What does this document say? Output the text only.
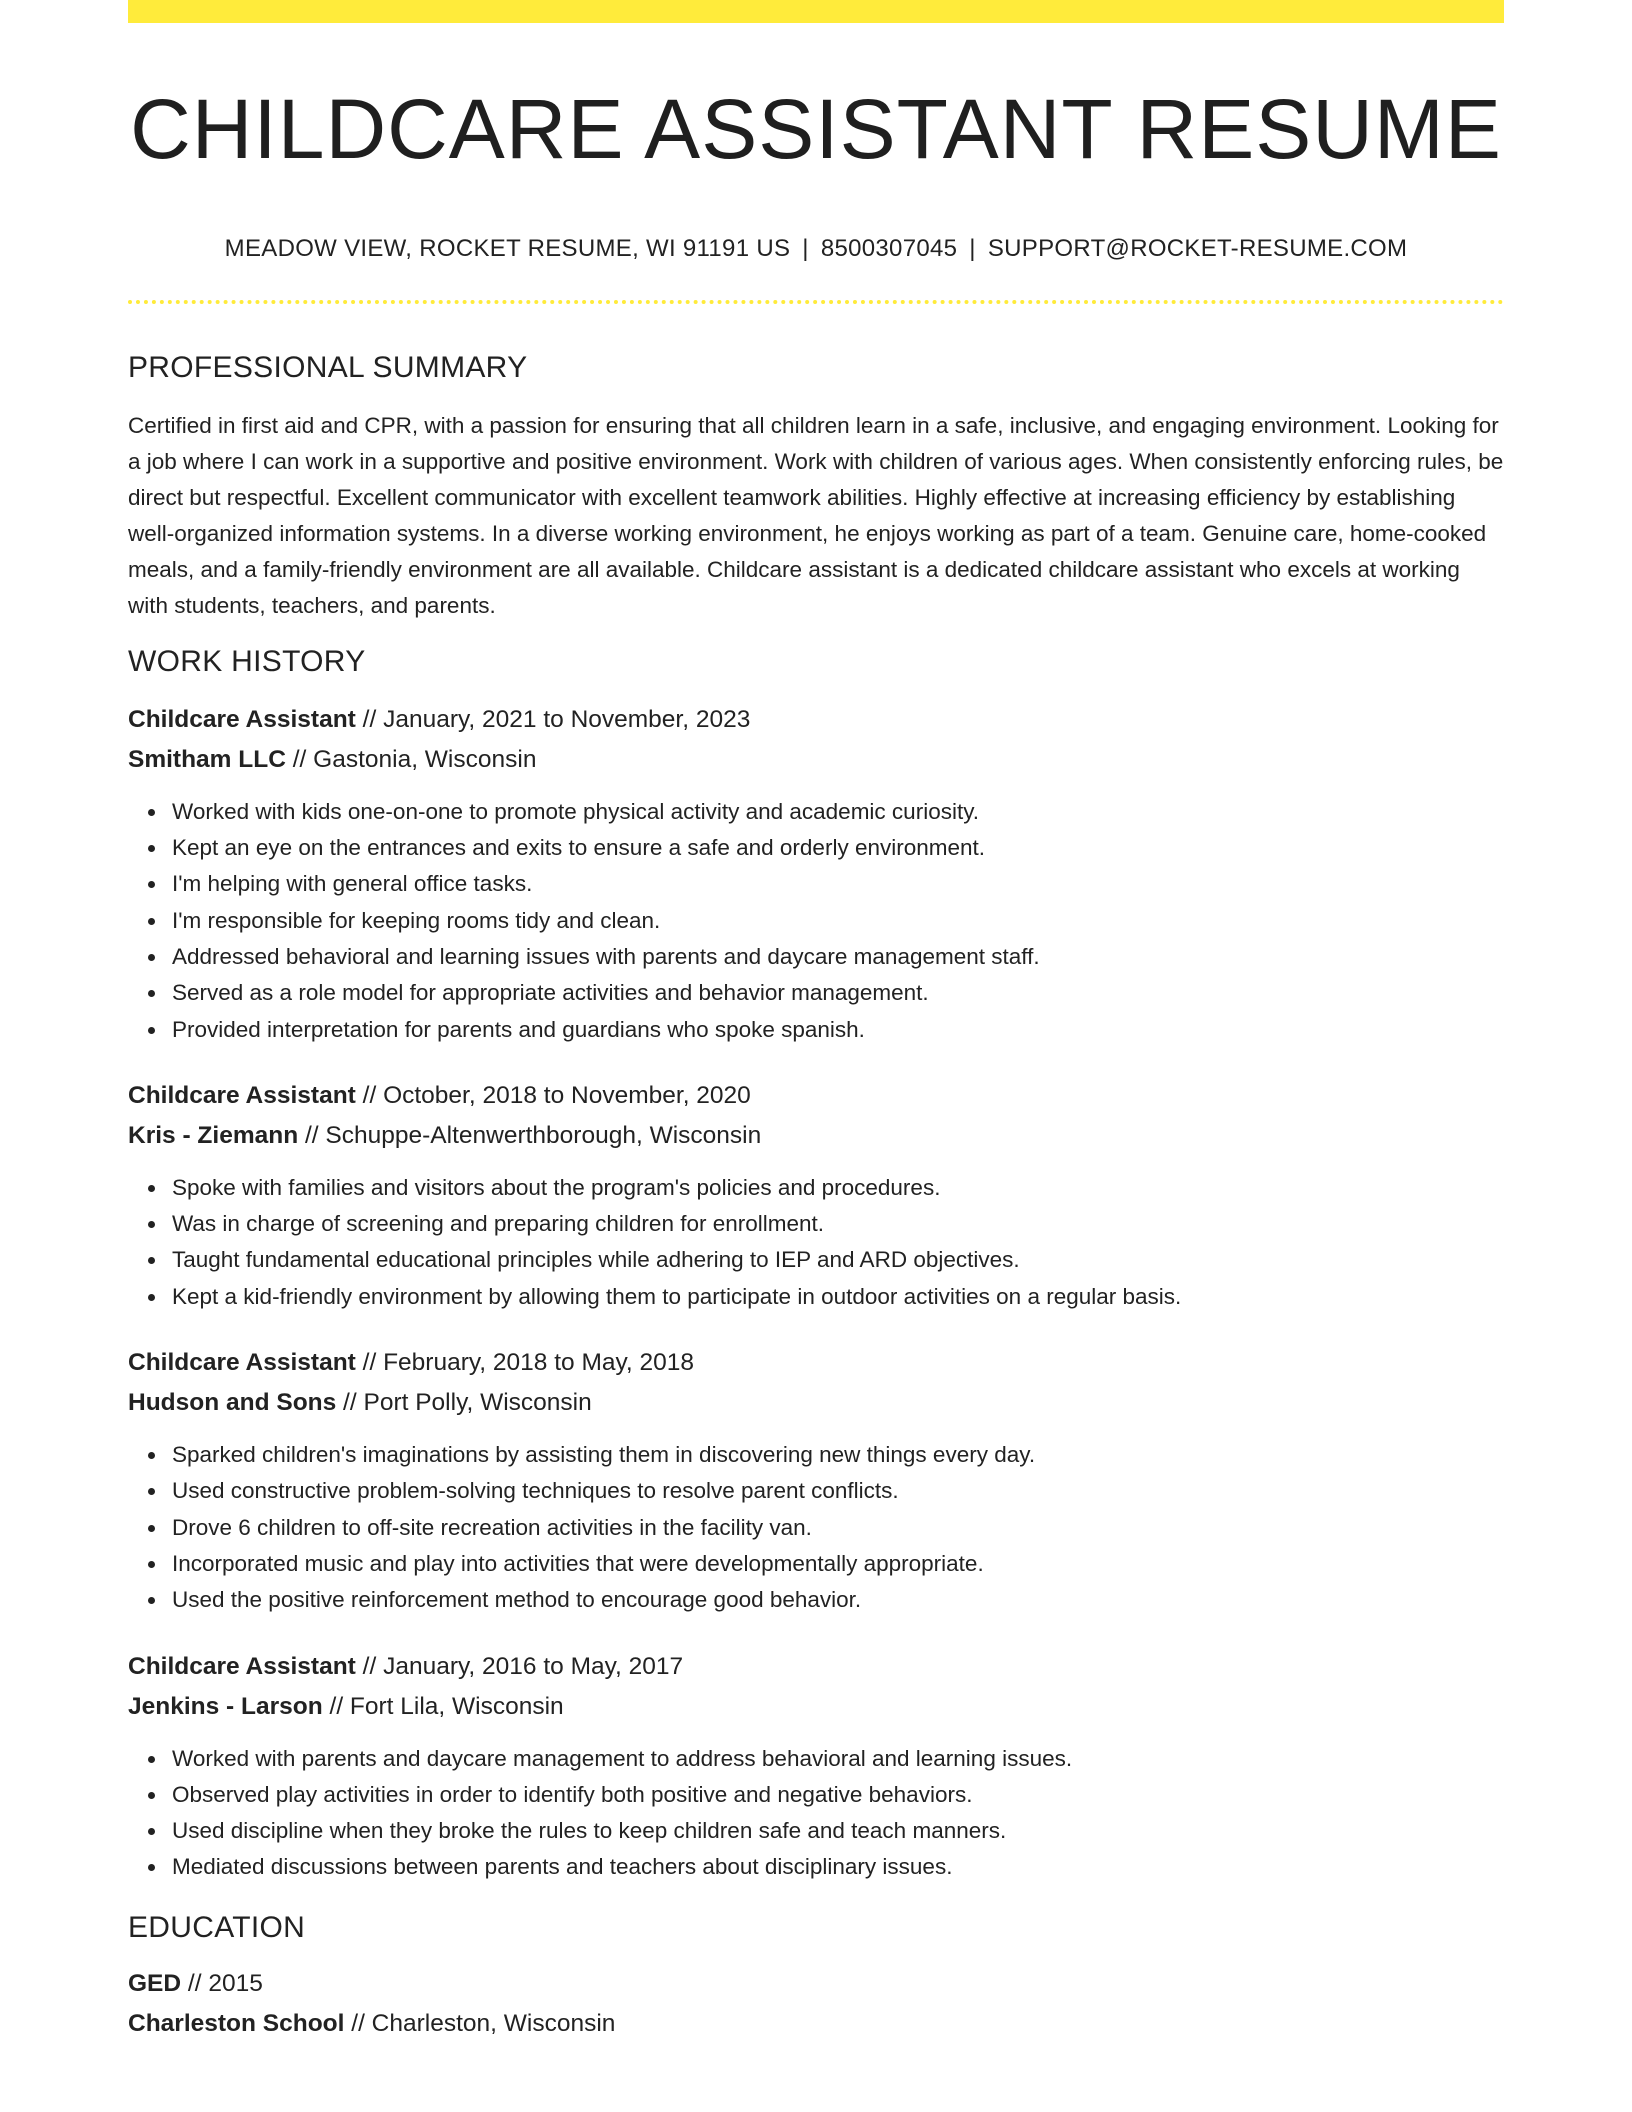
CHILDCARE ASSISTANT RESUME
MEADOW VIEW, ROCKET RESUME, WI 91191 US | 8500307045 | SUPPORT@ROCKET-RESUME.COM
PROFESSIONAL SUMMARY
Certified in first aid and CPR, with a passion for ensuring that all children learn in a safe, inclusive, and engaging environment. Looking for a job where I can work in a supportive and positive environment. Work with children of various ages. When consistently enforcing rules, be direct but respectful. Excellent communicator with excellent teamwork abilities. Highly effective at increasing efficiency by establishing well-organized information systems. In a diverse working environment, he enjoys working as part of a team. Genuine care, home-cooked meals, and a family-friendly environment are all available. Childcare assistant is a dedicated childcare assistant who excels at working with students, teachers, and parents.
WORK HISTORY
Childcare Assistant // January, 2021 to November, 2023
Smitham LLC // Gastonia, Wisconsin
Worked with kids one-on-one to promote physical activity and academic curiosity.
Kept an eye on the entrances and exits to ensure a safe and orderly environment.
I'm helping with general office tasks.
I'm responsible for keeping rooms tidy and clean.
Addressed behavioral and learning issues with parents and daycare management staff.
Served as a role model for appropriate activities and behavior management.
Provided interpretation for parents and guardians who spoke spanish.
Childcare Assistant // October, 2018 to November, 2020
Kris - Ziemann // Schuppe-Altenwerthborough, Wisconsin
Spoke with families and visitors about the program's policies and procedures.
Was in charge of screening and preparing children for enrollment.
Taught fundamental educational principles while adhering to IEP and ARD objectives.
Kept a kid-friendly environment by allowing them to participate in outdoor activities on a regular basis.
Childcare Assistant // February, 2018 to May, 2018
Hudson and Sons // Port Polly, Wisconsin
Sparked children's imaginations by assisting them in discovering new things every day.
Used constructive problem-solving techniques to resolve parent conflicts.
Drove 6 children to off-site recreation activities in the facility van.
Incorporated music and play into activities that were developmentally appropriate.
Used the positive reinforcement method to encourage good behavior.
Childcare Assistant // January, 2016 to May, 2017
Jenkins - Larson // Fort Lila, Wisconsin
Worked with parents and daycare management to address behavioral and learning issues.
Observed play activities in order to identify both positive and negative behaviors.
Used discipline when they broke the rules to keep children safe and teach manners.
Mediated discussions between parents and teachers about disciplinary issues.
EDUCATION
GED // 2015
Charleston School // Charleston, Wisconsin
